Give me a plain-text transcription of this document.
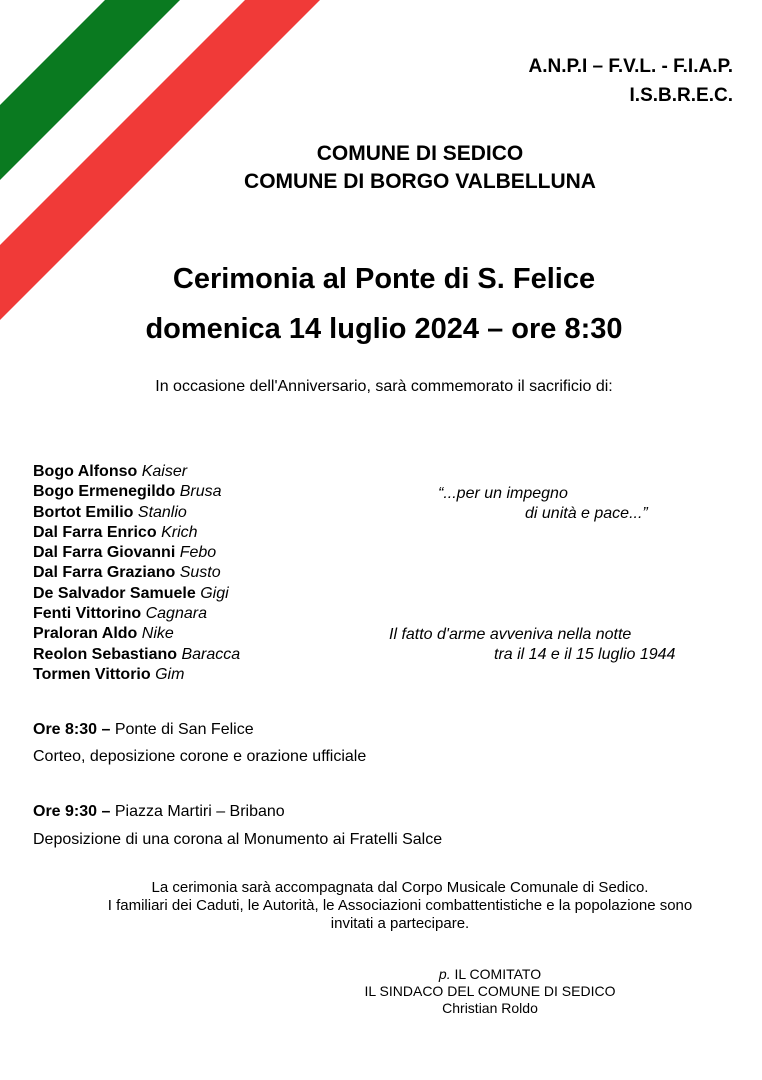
A.N.P.I – F.V.L. - F.I.A.P.
I.S.B.R.E.C.
COMUNE DI SEDICO
COMUNE DI BORGO VALBELLUNA
Cerimonia al Ponte di S. Felice
domenica 14 luglio 2024 – ore 8:30
In occasione dell'Anniversario, sarà commemorato il sacrificio di:
Bogo Alfonso Kaiser
Bogo Ermenegildo Brusa
Bortot Emilio Stanlio
Dal Farra Enrico Krich
Dal Farra Giovanni Febo
Dal Farra Graziano Susto
De Salvador Samuele Gigi
Fenti Vittorino Cagnara
Praloran Aldo Nike
Reolon Sebastiano Baracca
Tormen Vittorio Gim
“...per un impegno
di unità e pace...”
Il fatto d'arme avveniva nella notte
tra il 14 e il 15 luglio 1944
Ore 8:30 – Ponte di San Felice
Corteo, deposizione corone e orazione ufficiale
Ore 9:30 – Piazza Martiri – Bribano
Deposizione di una corona al Monumento ai Fratelli Salce
La cerimonia sarà accompagnata dal Corpo Musicale Comunale di Sedico.
I familiari dei Caduti, le Autorità, le Associazioni combattentistiche e la popolazione sono
invitati a partecipare.
p. IL COMITATO
IL SINDACO DEL COMUNE DI SEDICO
Christian Roldo
